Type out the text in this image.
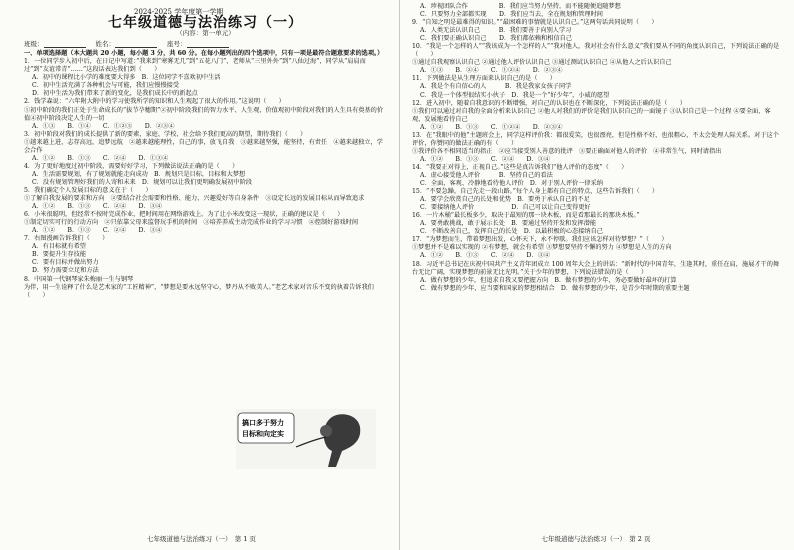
2024-2025 学年度第一学期
七年级道德与法治练习（一）
（内容：第一单元）
班级：	姓名：	座号：

一、单项选择题（本大题共 20 小题，每小题 3 分，共 60 分。在每小题列出的四个选项中，只有一项是最符合题意要求的选项。）

1．一位同学步入初中后，在日记中写道：”我来到“寒雾无几”到“五花八门”，老师从“三里外外”到“八仙过海”，同学从“肩肩而过”到“友谊常青”……”这段话表达我们到（　　）

A．初中的课程比小学的难度要大得多　B．这位同学不喜欢初中生活

C．初中生活充满了各种机会与可能，我们应慢慢接受

D．初中生活为我们带来了新的变化，是我们成长中的新起点

2．钱学森说：“六年附大附中的学习使我所学的知识和人生观起了很大的作用。”这说明（　　）

①初中阶段的我们正处于生命成长的“拔节孕穗期”②初中阶段我们的智力水平、人生观、价值观初中阶段对我们的人生具有奠基的价值④初中阶段决定人生的一切

A．①③　　B．①④　　C．①②③　　D．②③④

3．初中阶段对我们的成长提供了新的要素，家庭、学校、社会给予我们更高的期望，期待我们（　　）

①越来越上进，志存高远，追梦远航　②越来越能理性，自己的事，放飞自我　③越来越坚强，能坚持，有责任　④越来越独立，学会合作

A．①②　　B．①③　　C．②④　　D．①③④

4．为了更好地度过初中阶段，需要好好学习，下列做法说法正确的是（　　）

A．生活需要规划，有了规划就能走向成功　B．规划只是目标，目标和大梦想

C．没有规划管理好我们的人寄和未来　D．规划可以让我们更明确发展初中阶段

5．我们确定个人发展目标的意义在于（　　）

①了解自我发展的要求和方向　②要结合社会需要和性格、能力、兴趣爱好等自身条件　③设定长远的发展目标从而导致追求

A．①②　　B．①③　　C．②④　　D．③④

6．小米很聪明，但经常不按时完成作业，把时间用在网络游戏上。为了让小米改变这一现状，正确的建议是（　　）

①制定切实可行的行动方向　②只依靠父母来监督玩手机的时间　③培养养成主动完成作业的学习习惯　④控制好游戏时间

A．①②　　B．①③　　C．②④　　D．③④

7．右图漫画告诉我们（　　）

A．有目标就有希望

B．要提升生存技能

C．要有目标并做出努力

D．努力需要立足和方法

8．中国第一代钢琴家朱梅丽一生与钢琴

为伴，用一生诠释了什么是艺术家的“工匠精神”，“梦想是要永远坚守心，梦丹从不败美人。”老艺术家对音乐不变的执着告诉我们（　　）

搞口多于努力
目标和向定实

A．珍视团队合作　　　　　B．我们应当努力坚持，而不能随便追随梦想

C．只要努力全部都实现　　D．我们应当去，全在规划和管理时间

9．“自知之明是最难得的知识。”“最困难的事情就是认识自己。”这两句话共同说明（　　）

A．人类无法认识自己　　　B．我们要善于向别人学习

C．我们要正确认识自己　　D．我们都依赖和相信自己

10．“我是一个怎样的人”“我该成为一个怎样的人”“我对他人，我对社会有什么意义”我们要从不同的角度认识自己，下列说法正确的是（　　）

①通过自我观察认识自己 ②通过他人评价认识自己 ③通过测试认识自己 ④从他人之后认识自己

A．①③　　B．②④　　C．①②④　　D．②③④

11．下列做法是从生理方面来认识自己的是（　　）

A．我是个有自信心的人　　　B．我是我家女孩子同学

C．我是一个体型很结实小伙子　D．我是一个“好少年”，小威的愿望

12．进入初中，随着自我意识的不断增强，对自己的认识也在不断深化，下列说法正确的是（　　）

①我们可以通过对自我的全面分析来认识自己 ②他人对我们的评价是我们认识自己的一面镜子 ③认识自己是一个过程 ④要全面、客观、发展地看待自己

A．①②　　B．①③　　C．①②④　　D．②③④

13．在“我眼中的他”主题班会上，同学这样评价我：都很爱笑，也很漂亮，但是性格不好，也很粗心，不太会处理人际关系。对于这个评价，你赞同的做法正确的有（　　）

①我评价各不相同适当的指正　②应当接受别人善意的批评　③要正确面对他人的评价　④非常生气，同时请指出

A．①②　　B．①③　　C．②④　　D．③④

14．“我要正对得上，正视自己。”这些是真告诉我们“他人评价的态度”（　　）

A．虚心接受他人评价　　　B．坚持自己的看法

C．全面，客观、冷静地看待他人评价　D．对于别人评价一律采纳

15．“不要急躁，自己先走一段山路。”每个人身上都有自己的特点，这些告诉我们（　　）

A．要学会欣赏自己的长处和优势　B．要勇于承认自己的不足

C．要接纳他人评价　　　　　　D．自己可以让自己变得更好

16．一片木桶“最长板多少，取决于最短的那一块木板，而是看那最长的那块木板。”

A．要勇敢挑战，敢于展示长处　B．要通过坚持开发和发挥潜能

C．不断改善自己，发挥自己的长处　D．以最积极的心态接纳自己

17．“为梦想而生，带着梦想出发，心怀天下，永不停歇。我们应该怎样对待梦想？”（　　）

①梦想并不是难以实现的 ②有梦想，就会有希望 ③梦想要坚持不懈的努力 ④梦想是人生的方向

A．①②　　B．①③　　C．②④　　D．③④

18．习近平总书记在庆祝中国共产主义青年团成立 100 周年大会上的讲话：“新时代的中国青年，生逢其时，重任在肩，施展才干的舞台无比广阔，实现梦想的前景无比光明。”关于少年的梦想，下列说法错误的是（　　）

A．做有梦想的少年，但追求自我又要把握方向　B．做有梦想的少年，务必要做好最坏的打算

C．做有梦想的少年，应当要和国家的梦想相结合　D．做有梦想的少年，是青少年时期的重要主题

七年级道德与法治练习（一）　第 1 页	七年级道德与法治练习（一）　第 2 页
